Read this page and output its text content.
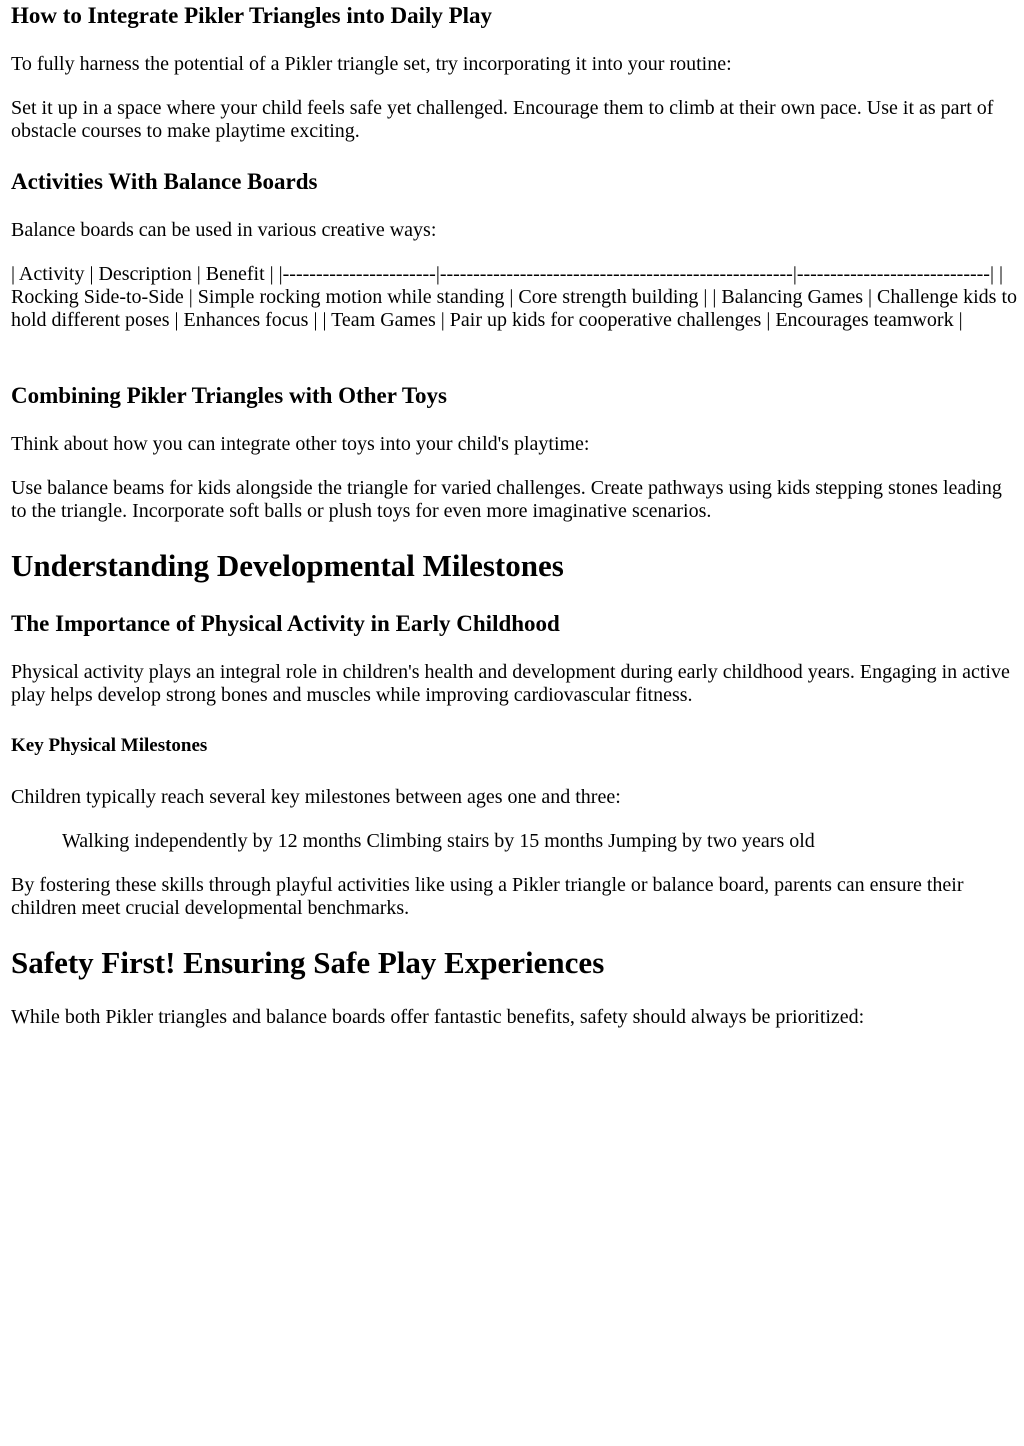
How to Integrate Pikler Triangles into Daily Play

To fully harness the potential of a Pikler triangle set, try incorporating it into your routine:

Set it up in a space where your child feels safe yet challenged. Encourage them to climb at their own pace. Use it as part of obstacle courses to make playtime exciting.

Activities With Balance Boards

Balance boards can be used in various creative ways:

| Activity | Description | Benefit | |-----------------------|-----------------------------------------------------|-----------------------------| | Rocking Side-to-Side | Simple rocking motion while standing | Core strength building | | Balancing Games | Challenge kids to hold different poses | Enhances focus | | Team Games | Pair up kids for cooperative challenges | Encourages teamwork |

Combining Pikler Triangles with Other Toys

Think about how you can integrate other toys into your child's playtime:

Use balance beams for kids alongside the triangle for varied challenges. Create pathways using kids stepping stones leading to the triangle. Incorporate soft balls or plush toys for even more imaginative scenarios.

Understanding Developmental Milestones
The Importance of Physical Activity in Early Childhood

Physical activity plays an integral role in children's health and development during early childhood years. Engaging in active play helps develop strong bones and muscles while improving cardiovascular fitness.

Key Physical Milestones

Children typically reach several key milestones between ages one and three:

Walking independently by 12 months Climbing stairs by 15 months Jumping by two years old

By fostering these skills through playful activities like using a Pikler triangle or balance board, parents can ensure their children meet crucial developmental benchmarks.

Safety First! Ensuring Safe Play Experiences

While both Pikler triangles and balance boards offer fantastic benefits, safety should always be prioritized:
